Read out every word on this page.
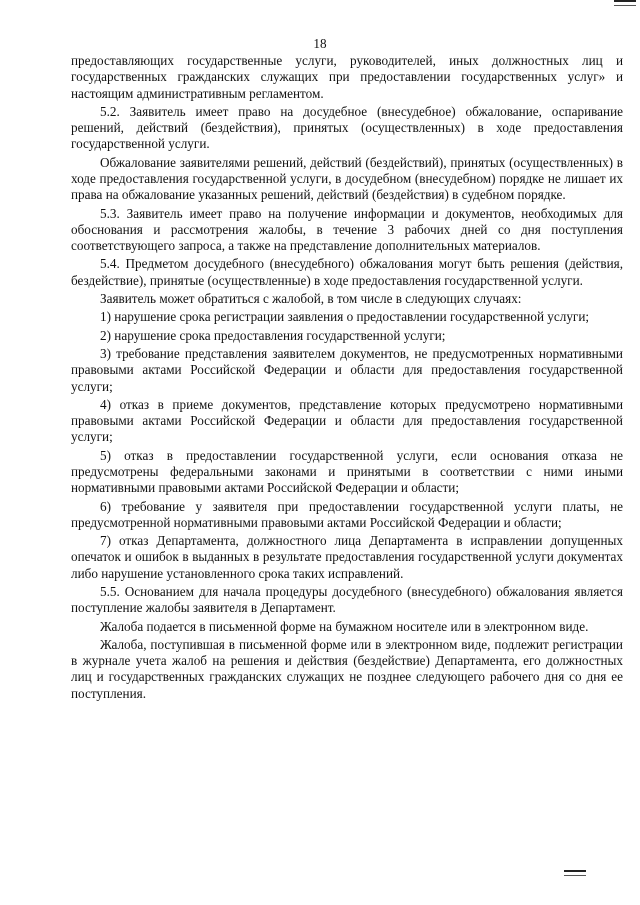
18

предоставляющих государственные услуги, руководителей, иных должностных лиц и государственных гражданских служащих при предоставлении государственных услуг» и настоящим административным регламентом.

5.2. Заявитель имеет право на досудебное (внесудебное) обжалование, оспаривание решений, действий (бездействия), принятых (осуществленных) в ходе предоставления государственной услуги.

Обжалование заявителями решений, действий (бездействий), принятых (осуществленных) в ходе предоставления государственной услуги, в досудебном (внесудебном) порядке не лишает их права на обжалование указанных решений, действий (бездействия) в судебном порядке.

5.3. Заявитель имеет право на получение информации и документов, необходимых для обоснования и рассмотрения жалобы, в течение 3 рабочих дней со дня поступления соответствующего запроса, а также на представление дополнительных материалов.

5.4. Предметом досудебного (внесудебного) обжалования могут быть решения (действия, бездействие), принятые (осуществленные) в ходе предоставления государственной услуги.

Заявитель может обратиться с жалобой, в том числе в следующих случаях:

1) нарушение срока регистрации заявления о предоставлении государственной услуги;

2) нарушение срока предоставления государственной услуги;

3) требование представления заявителем документов, не предусмотренных нормативными правовыми актами Российской Федерации и области для предоставления государственной услуги;

4) отказ в приеме документов, представление которых предусмотрено нормативными правовыми актами Российской Федерации и области для предоставления государственной услуги;

5) отказ в предоставлении государственной услуги, если основания отказа не предусмотрены федеральными законами и принятыми в соответствии с ними иными нормативными правовыми актами Российской Федерации и области;

6) требование у заявителя при предоставлении государственной услуги платы, не предусмотренной нормативными правовыми актами Российской Федерации и области;

7) отказ Департамента, должностного лица Департамента в исправлении допущенных опечаток и ошибок в выданных в результате предоставления государственной услуги документах либо нарушение установленного срока таких исправлений.

5.5. Основанием для начала процедуры досудебного (внесудебного) обжалования является поступление жалобы заявителя в Департамент.

Жалоба подается в письменной форме на бумажном носителе или в электронном виде.

Жалоба, поступившая в письменной форме или в электронном виде, подлежит регистрации в журнале учета жалоб на решения и действия (бездействие) Департамента, его должностных лиц и государственных гражданских служащих не позднее следующего рабочего дня со дня ее поступления.
